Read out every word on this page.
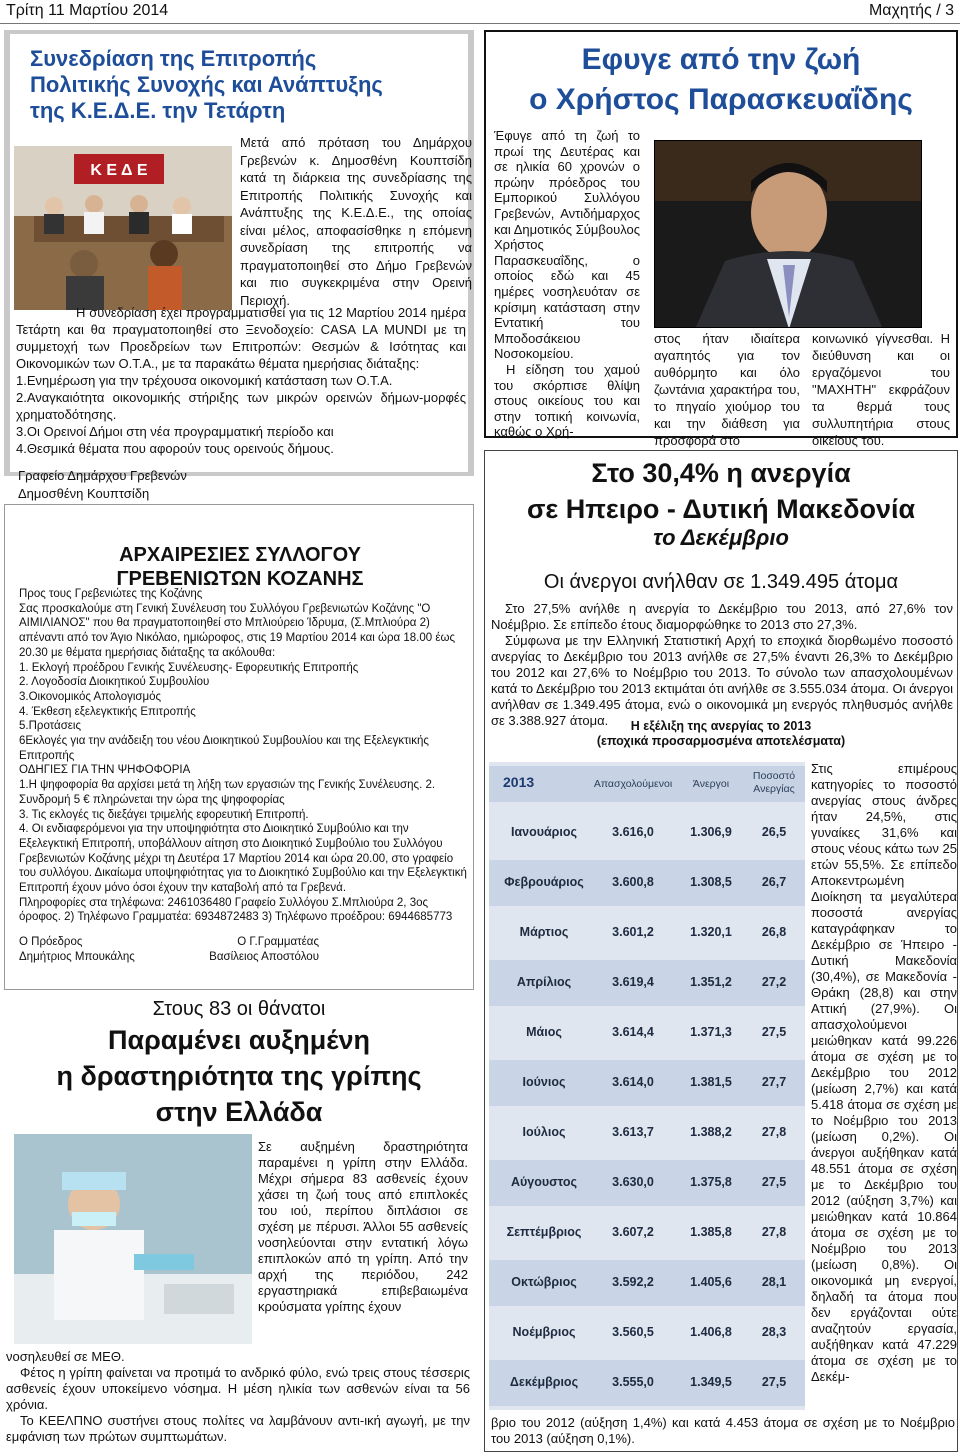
Τρίτη 11 Μαρτίου 2014	Μαχητής / 3
Συνεδρίαση της Επιτροπής
Πολιτικής Συνοχής και Ανάπτυξης
της Κ.Ε.Δ.Ε. την Τετάρτη
Κ Ε Δ Ε
Μετά από πρόταση του Δημάρχου Γρεβενών κ. Δημοσθένη Κουπτσίδη κατά τη διάρκεια της συνεδρίασης της Επιτροπής Πολιτικής Συνοχής και Ανάπτυξης της Κ.Ε.Δ.Ε., της οποίας είναι μέλος, αποφασίσθηκε η επόμενη συνεδρίαση της επιτροπής να πραγματοποιηθεί στο Δήμο Γρεβενών και πιο συγκεκριμένα στην Ορεινή Περιοχή.

Η συνεδρίαση έχει προγραμματισθεί για τις 12 Μαρτίου 2014 ημέρα Τετάρτη και θα πραγματοποιηθεί στο Ξενοδοχείο: CASA LA MUNDI με τη συμμετοχή των Προεδρείων των Επιτροπών: Θεσμών & Ισότητας και Οικονομικών των Ο.Τ.Α., με τα παρακάτω θέματα ημερήσιας διάταξης:

1.Ενημέρωση για την τρέχουσα οικονομική κατάσταση των Ο.Τ.Α.

2.Αναγκαιότητα οικονομικής στήριξης των μικρών ορεινών δήμων-μορφές χρηματοδότησης.

3.Οι Ορεινοί Δήμοι στη νέα προγραμματική περίοδο και

4.Θεσμικά θέματα που αφορούν τους ορεινούς δήμους.

Γραφείο Δημάρχου Γρεβενών
Δημοσθένη Κουπτσίδη
ΑΡΧΑΙΡΕΣΙΕΣ ΣΥΛΛΟΓΟΥ
ΓΡΕΒΕΝΙΩΤΩΝ ΚΟΖΑΝΗΣ

Προς τους Γρεβενιώτες της Κοζάνης

Σας προσκαλούμε στη Γενική Συνέλευση του Συλλόγου Γρεβενιωτών Κοζάνης "Ο ΑΙΜΙΛΙΑΝΟΣ" που θα πραγματοποιηθεί στο Μπλιούρειο Ίδρυμα, (Σ.Μπλιούρα 2) απέναντι από τον Άγιο Νικόλαο, ημιώροφος, στις 19 Μαρτίου 2014 και ώρα 18.00 έως 20.30 με θέματα ημερήσιας διάταξης τα ακόλουθα:

1. Εκλογή προέδρου Γενικής Συνέλευσης- Εφορευτικής Επιτροπής

2. Λογοδοσία Διοικητικού Συμβουλίου

3.Οικονομικός Απολογισμός

4. Έκθεση εξελεγκτικής Επιτροπής

5.Προτάσεις

6Εκλογές για την ανάδειξη του νέου Διοικητικού Συμβουλίου και της Εξελεγκτικής Επιτροπής

ΟΔΗΓΙΕΣ ΓΙΑ ΤΗΝ ΨΗΦΟΦΟΡΙΑ

1.Η ψηφοφορία θα αρχίσει μετά τη λήξη των εργασιών της Γενικής Συνέλευσης. 2. Συνδρομή 5 € πληρώνεται την ώρα της ψηφοφορίας

3. Τις εκλογές τις διεξάγει τριμελής εφορευτική Επιτροπή.

4. Οι ενδιαφερόμενοι για την υποψηφιότητα στο Διοικητικό Συμβούλιο και την Εξελεγκτική Επιτροπή, υποβάλλουν αίτηση στο Διοικητικό Συμβούλιο του Συλλόγου Γρεβενιωτών Κοζάνης μέχρι τη Δευτέρα 17 Μαρτίου 2014 και ώρα 20.00, στο γραφείο του συλλόγου. Δικαίωμα υποψηφιότητας για το Διοικητικό Συμβούλιο και την Εξελεγκτική Επιτροπή έχουν μόνο όσοι έχουν την καταβολή από τα Γρεβενά.

Πληροφορίες στα τηλέφωνα: 2461036480 Γραφείο Συλλόγου Σ.Μπλιούρα 2, 3ος όροφος. 2) Τηλέφωνο Γραμματέα: 6934872483 3) Τηλέφωνο προέδρου: 6944685773

Ο Πρόεδρος	Ο Γ.Γραμματέας
Δημήτριος Μπουκάλης	Βασίλειος Αποστόλου
Στους 83 οι θάνατοι
Παραμένει αυξημένη
η δραστηριότητα της γρίπης
στην Ελλάδα
Σε αυξημένη δραστηριότητα παραμένει η γρίπη στην Ελλάδα. Μέχρι σήμερα 83 ασθενείς έχουν χάσει τη ζωή τους από επιπλοκές του ιού, περίπου διπλάσιοι σε σχέση με πέρυσι. Άλλοι 55 ασθενείς νοσηλεύονται στην εντατική λόγω επιπλοκών από τη γρίπη. Από την αρχή της περιόδου, 242 εργαστηριακά επιβεβαιωμένα κρούσματα γρίπης έχουν

νοσηλευθεί σε ΜΕΘ.

Φέτος η γρίπη φαίνεται να προτιμά το ανδρικό φύλο, ενώ τρεις στους τέσσερις ασθενείς έχουν υποκείμενο νόσημα. Η μέση ηλικία των ασθενών είναι τα 56 χρόνια.

Το ΚΕΕΛΠΝΟ συστήνει στους πολίτες να λαμβάνουν αντι-ική αγωγή, με την εμφάνιση των πρώτων συμπτωμάτων.

Εφυγε από την ζωή
ο Χρήστος Παρασκευαΐδης

Έφυγε από τη ζωή το πρωί της Δευτέρας και σε ηλικία 60 χρονών ο πρώην πρόεδρος του Εμπορικού Συλλόγου Γρεβενών, Αντιδήμαρχος και Δημοτικός Σύμβουλος Χρήστος Παρασκευαΐδης, ο οποίος εδώ και 45 ημέρες νοσηλευόταν σε κρίσιμη κατάσταση στην Εντατική του Μποδοσάκειου Νοσοκομείου.

Η είδηση του χαμού του σκόρπισε θλίψη στους οικείους του και στην τοπική κοινωνία, καθώς ο Χρή-

στος ήταν ιδιαίτερα αγαπητός για τον αυθόρμητο και όλο ζωντάνια χαρακτήρα του, το πηγαίο χιούμορ του και την διάθεση για προσφορά στο
κοινωνικό γίγνεσθαι. Η διεύθυνση και οι εργαζόμενοι του "ΜΑΧΗΤΗ" εκφράζουν τα θερμά τους συλλυπητήρια στους οικείους του.
Στο 30,4% η ανεργία
σε Ηπειρο - Δυτική Μακεδονία
το Δεκέμβριο
Οι άνεργοι ανήλθαν σε 1.349.495 άτομα

Στο 27,5% ανήλθε η ανεργία το Δεκέμβριο του 2013, από 27,6% τον Νοέμβριο. Σε επίπεδο έτους διαμορφώθηκε το 2013 στο 27,3%.

Σύμφωνα με την Ελληνική Στατιστική Αρχή το εποχικά διορθωμένο ποσοστό ανεργίας το Δεκέμβριο του 2013 ανήλθε σε 27,5% έναντι 26,3% το Δεκέμβριο του 2012 και 27,6% το Νοέμβριο του 2013. Το σύνολο των απασχολουμένων κατά το Δεκέμβριο του 2013 εκτιμάται ότι ανήλθε σε 3.555.034 άτομα. Οι άνεργοι ανήλθαν σε 1.349.495 άτομα, ενώ ο οικονομικά μη ενεργός πληθυσμός ανήλθε σε 3.388.927 άτομα.	Η εξέλιξη της ανεργίας το 2013
(εποχικά προσαρμοσμένα αποτελέσματα)
2013	Απασχολούμενοι	Άνεργοι
Ποσοστό Ανεργίας
Ιανουάριος	3.616,0	1.306,9	26,5
Φεβρουάριος	3.600,8	1.308,5	26,7
Μάρτιος	3.601,2	1.320,1	26,8
Απρίλιος	3.619,4	1.351,2	27,2
Μάιος	3.614,4	1.371,3	27,5
Ιούνιος	3.614,0	1.381,5	27,7
Ιούλιος	3.613,7	1.388,2	27,8
Αύγουστος	3.630,0	1.375,8	27,5
Σεπτέμβριος	3.607,2	1.385,8	27,8
Οκτώβριος	3.592,2	1.405,6	28,1
Νοέμβριος	3.560,5	1.406,8	28,3
Δεκέμβριος	3.555,0	1.349,5	27,5
Στις επιμέρους κατηγορίες το ποσοστό ανεργίας στους άνδρες ήταν 24,5%, στις γυναίκες 31,6% και στους νέους κάτω των 25 ετών 55,5%. Σε επίπεδο Αποκεντρωμένη Διοίκηση τα μεγαλύτερα ποσοστά ανεργίας καταγράφηκαν το Δεκέμβριο σε Ήπειρο - Δυτική Μακεδονία (30,4%), σε Μακεδονία - Θράκη (28,8) και στην Αττική (27,9%). Οι απασχολούμενοι μειώθηκαν κατά 99.226 άτομα σε σχέση με το Δεκέμβριο του 2012 (μείωση 2,7%) και κατά 5.418 άτομα σε σχέση με το Νοέμβριο του 2013 (μείωση 0,2%). Οι άνεργοι αυξήθηκαν κατά 48.551 άτομα σε σχέση με το Δεκέμβριο του 2012 (αύξηση 3,7%) και μειώθηκαν κατά 10.864 άτομα σε σχέση με το Νοέμβριο του 2013 (μείωση 0,8%). Οι οικονομικά μη ενεργοί, δηλαδή τα άτομα που δεν εργάζονται ούτε αναζητούν εργασία, αυξήθηκαν κατά 47.229 άτομα σε σχέση με το Δεκέμ-
βριο του 2012 (αύξηση 1,4%) και κατά 4.453 άτομα σε σχέση με το Νοέμβριο του 2013 (αύξηση 0,1%).
